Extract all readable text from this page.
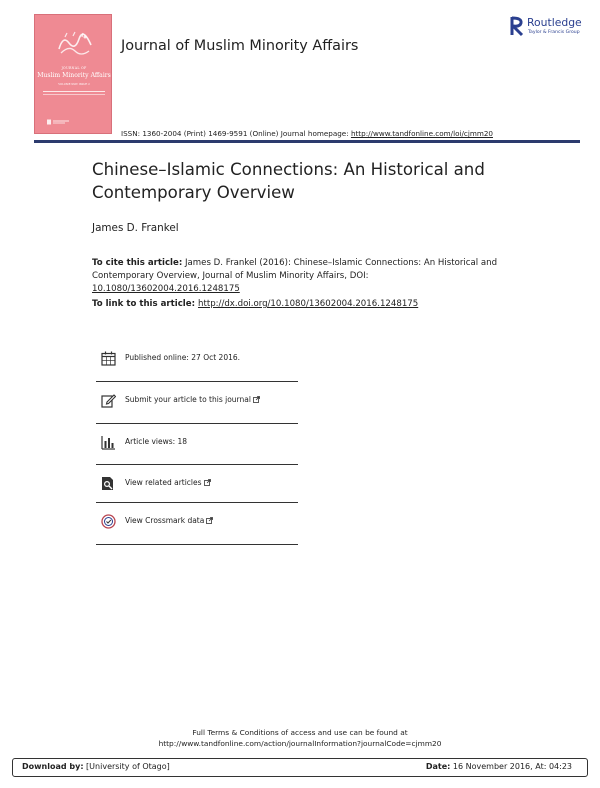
JOURNAL OF
Muslim Minority Affairs
VOLUME XXIV ISSUE 2
Journal of Muslim Minority Affairs
Routledge
Taylor & Francis Group
ISSN: 1360-2004 (Print) 1469-9591 (Online) Journal homepage: http://www.tandfonline.com/loi/cjmm20
Chinese–Islamic Connections: An Historical and Contemporary Overview
James D. Frankel
To cite this article: James D. Frankel (2016): Chinese–Islamic Connections: An Historical and Contemporary Overview, Journal of Muslim Minority Affairs, DOI: 10.1080/13602004.2016.1248175
To link to this article: http://dx.doi.org/10.1080/13602004.2016.1248175
Published online: 27 Oct 2016.
Submit your article to this journal
Article views: 18
View related articles
View Crossmark data
Full Terms & Conditions of access and use can be found at
http://www.tandfonline.com/action/journalInformation?journalCode=cjmm20
Download by: [University of Otago]	Date: 16 November 2016, At: 04:23
